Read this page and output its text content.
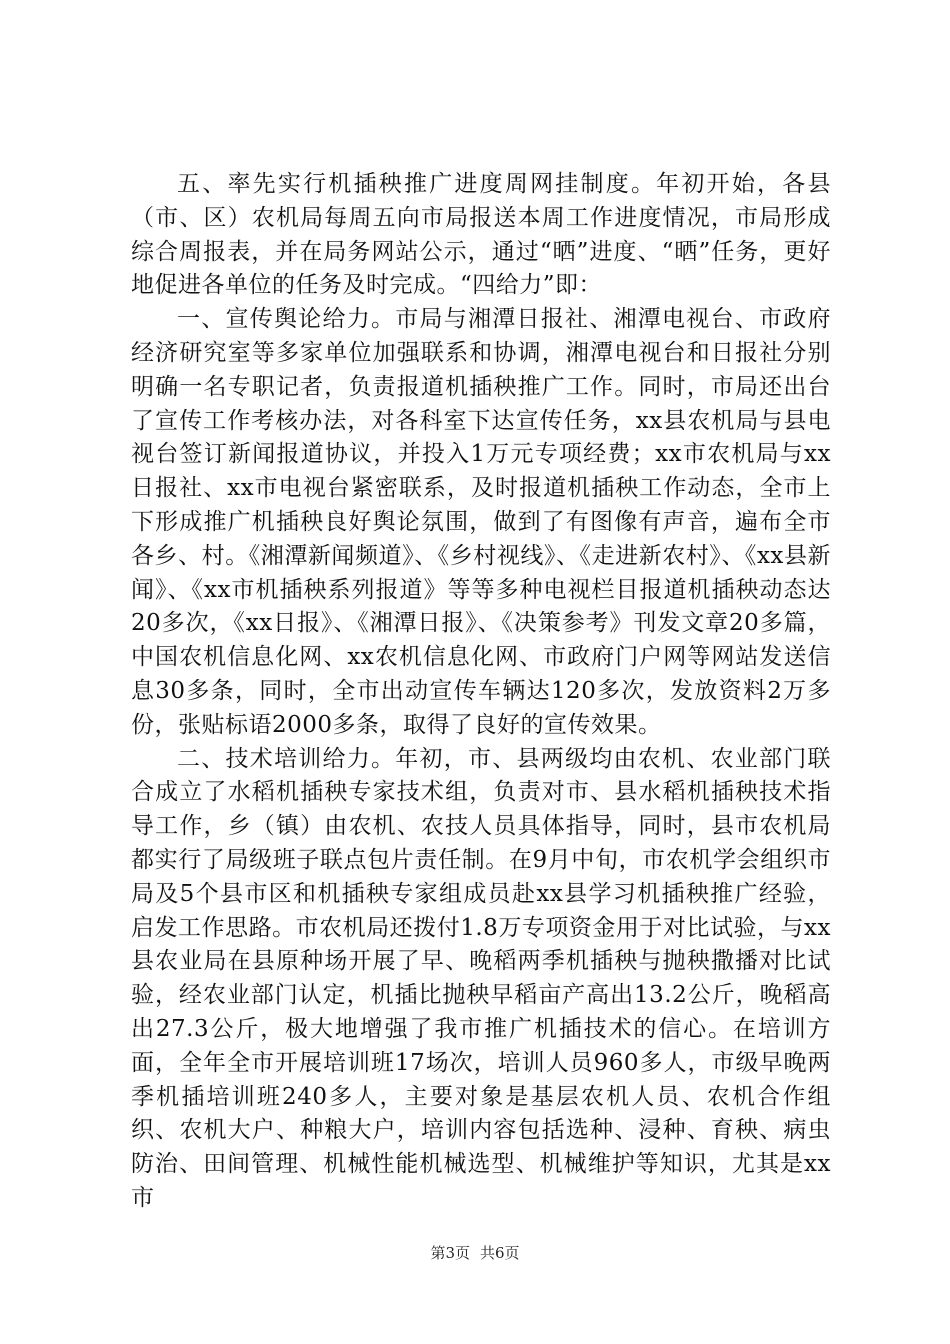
五、率先实行机插秧推广进度周网挂制度。年初开始，各县（市、区）农机局每周五向市局报送本周工作进度情况，市局形成综合周报表，并在局务网站公示，通过“晒”进度、“晒”任务，更好地促进各单位的任务及时完成。“四给力”即：

一、宣传舆论给力。市局与湘潭日报社、湘潭电视台、市政府经济研究室等多家单位加强联系和协调，湘潭电视台和日报社分别明确一名专职记者，负责报道机插秧推广工作。同时，市局还出台了宣传工作考核办法，对各科室下达宣传任务，xx县农机局与县电视台签订新闻报道协议，并投入1万元专项经费；xx市农机局与xx日报社、xx市电视台紧密联系，及时报道机插秧工作动态，全市上下形成推广机插秧良好舆论氛围，做到了有图像有声音，遍布全市各乡、村。《湘潭新闻频道》、《乡村视线》、《走进新农村》、《xx县新闻》、《xx市机插秧系列报道》等等多种电视栏目报道机插秧动态达20多次，《xx日报》、《湘潭日报》、《决策参考》刊发文章20多篇，中国农机信息化网、xx农机信息化网、市政府门户网等网站发送信息30多条，同时，全市出动宣传车辆达120多次，发放资料2万多份，张贴标语2000多条，取得了良好的宣传效果。

二、技术培训给力。年初，市、县两级均由农机、农业部门联合成立了水稻机插秧专家技术组，负责对市、县水稻机插秧技术指导工作，乡（镇）由农机、农技人员具体指导，同时，县市农机局都实行了局级班子联点包片责任制。在9月中旬，市农机学会组织市局及5个县市区和机插秧专家组成员赴xx县学习机插秧推广经验，启发工作思路。市农机局还拨付1.8万专项资金用于对比试验，与xx县农业局在县原种场开展了早、晚稻两季机插秧与抛秧撒播对比试验，经农业部门认定，机插比抛秧早稻亩产高出13.2公斤，晚稻高出27.3公斤，极大地增强了我市推广机插技术的信心。在培训方面，全年全市开展培训班17场次，培训人员960多人，市级早晚两季机插培训班240多人，主要对象是基层农机人员、农机合作组织、农机大户、种粮大户，培训内容包括选种、浸种、育秧、病虫防治、田间管理、机械性能机械选型、机械维护等知识，尤其是xx市

第3页 共6页
